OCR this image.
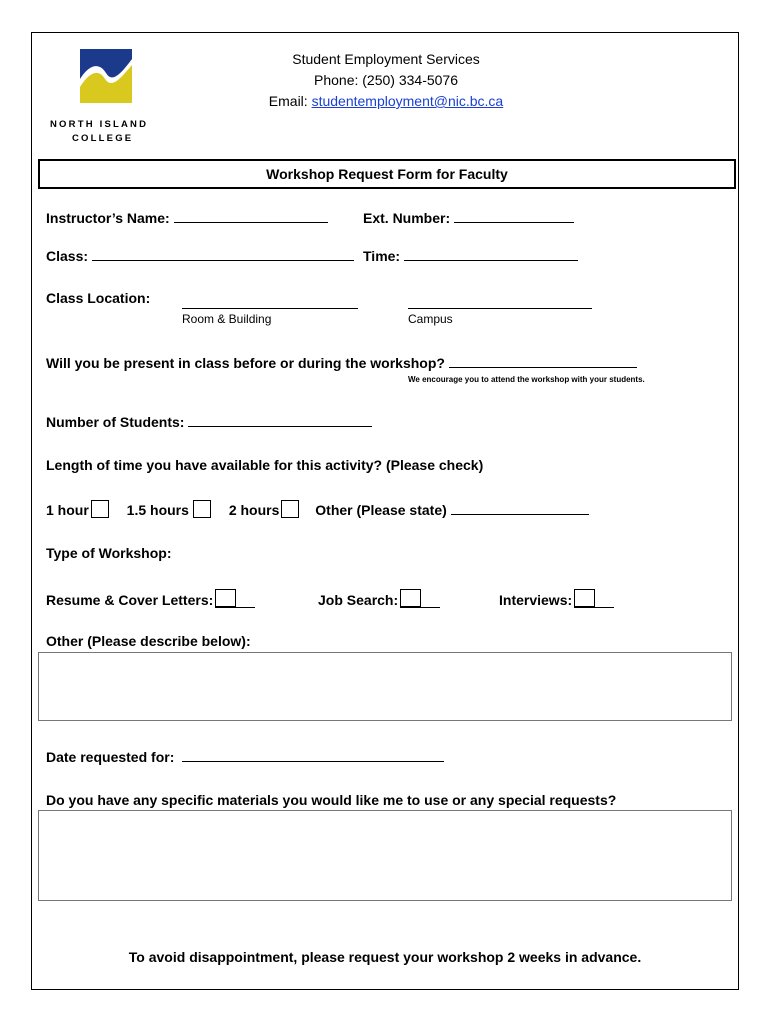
NORTH ISLAND
COLLEGE
Student Employment Services
Phone: (250) 334-5076
Email: studentemployment@nic.bc.ca
Workshop Request Form for Faculty
Instructor’s Name:	Ext. Number:
Class:	Time:
Class Location:
Room & Building	Campus
Will you be present in class before or during the workshop?
We encourage you to attend the workshop with your students.
Number of Students:
Length of time you have available for this activity? (Please check)
1 hour	1.5 hours	2 hours	Other (Please state)
Type of Workshop:
Resume & Cover Letters:	Job Search:	Interviews:
Other (Please describe below):
Date requested for:
Do you have any specific materials you would like me to use or any special requests?
To avoid disappointment, please request your workshop 2 weeks in advance.
